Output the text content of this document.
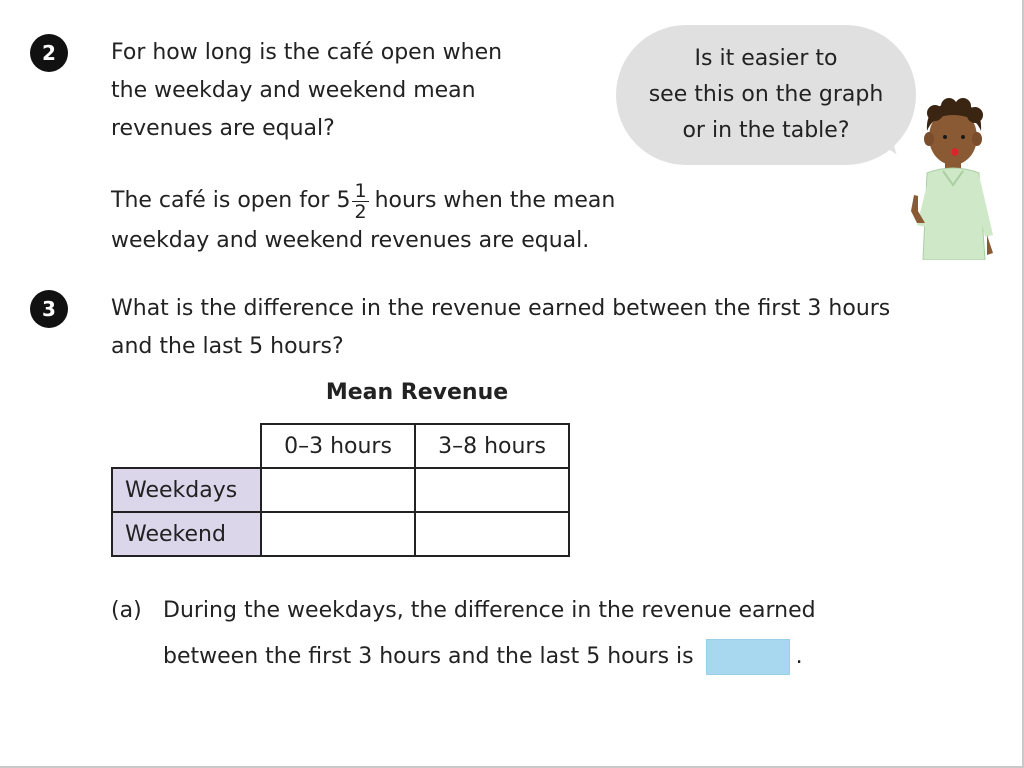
2	For how long is the café open when
the weekday and weekend mean
revenues are equal?
The café is open for $5 \frac{1}{2}$ hours when the mean
weekday and weekend revenues are equal.
Is it easier to
see this on the graph
or in the table?
3	What is the difference in the revenue earned between the first 3 hours
and the last 5 hours?
Mean Revenue
	0–3 hours	3–8 hours
Weekdays		
Weekend		
(a) During the weekdays, the difference in the revenue earned
between the first 3 hours and the last 5 hours is	.
